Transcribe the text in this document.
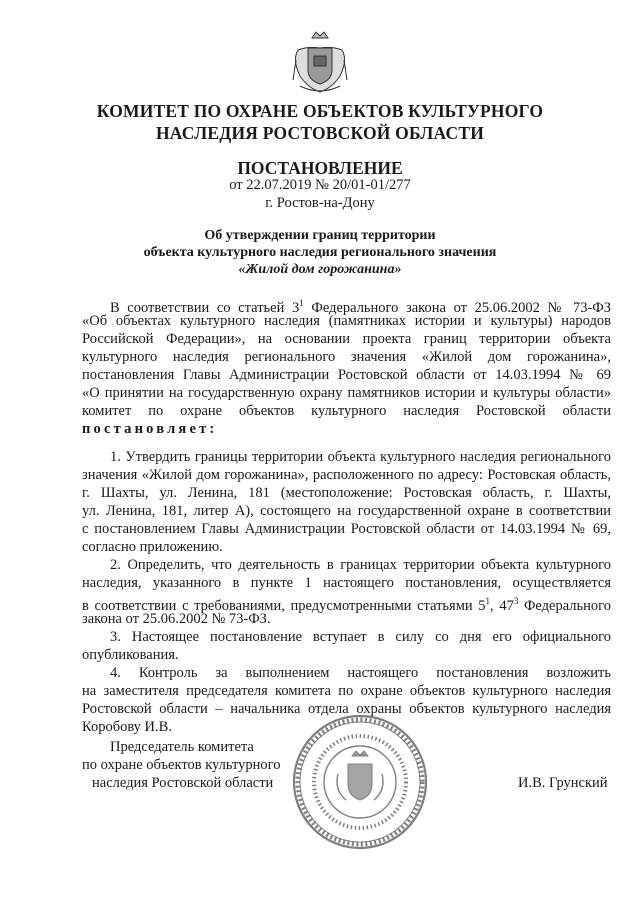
КОМИТЕТ ПО ОХРАНЕ ОБЪЕКТОВ КУЛЬТУРНОГО
НАСЛЕДИЯ РОСТОВСКОЙ ОБЛАСТИ
ПОСТАНОВЛЕНИЕ
от 22.07.2019 № 20/01-01/277
г. Ростов-на-Дону
Об утверждении границ территории
объекта культурного наследия регионального значения
«Жилой дом горожанина»
В соответствии со статьей $3^1$ Федерального закона от 25.06.2002 № 73-ФЗ
«Об объектах культурного наследия (памятниках истории и культуры) народов
Российской Федерации», на основании проекта границ территории объекта
культурного наследия регионального значения «Жилой дом горожанина»,
постановления Главы Администрации Ростовской области от 14.03.1994 № 69
«О принятии на государственную охрану памятников истории и культуры области»
комитет по охране объектов культурного наследия Ростовской области
постановляет:
1. Утвердить границы территории объекта культурного наследия регионального
значения «Жилой дом горожанина», расположенного по адресу: Ростовская область,
г. Шахты, ул. Ленина, 181 (местоположение: Ростовская область, г. Шахты,
ул. Ленина, 181, литер А), состоящего на государственной охране в соответствии
с постановлением Главы Администрации Ростовской области от 14.03.1994 № 69,
согласно приложению.
2. Определить, что деятельность в границах территории объекта культурного
наследия, указанного в пункте 1 настоящего постановления, осуществляется
в соответствии с требованиями, предусмотренными статьями $5^1$, $47^3$ Федерального
закона от 25.06.2002 № 73-ФЗ.
3. Настоящее постановление вступает в силу со дня его официального
опубликования.
4. Контроль за выполнением настоящего постановления возложить
на заместителя председателя комитета по охране объектов культурного наследия
Ростовской области – начальника отдела охраны объектов культурного наследия
Коробову И.В.
Председатель комитета
по охране объектов культурного
наследия Ростовской области	И.В. Грунский
